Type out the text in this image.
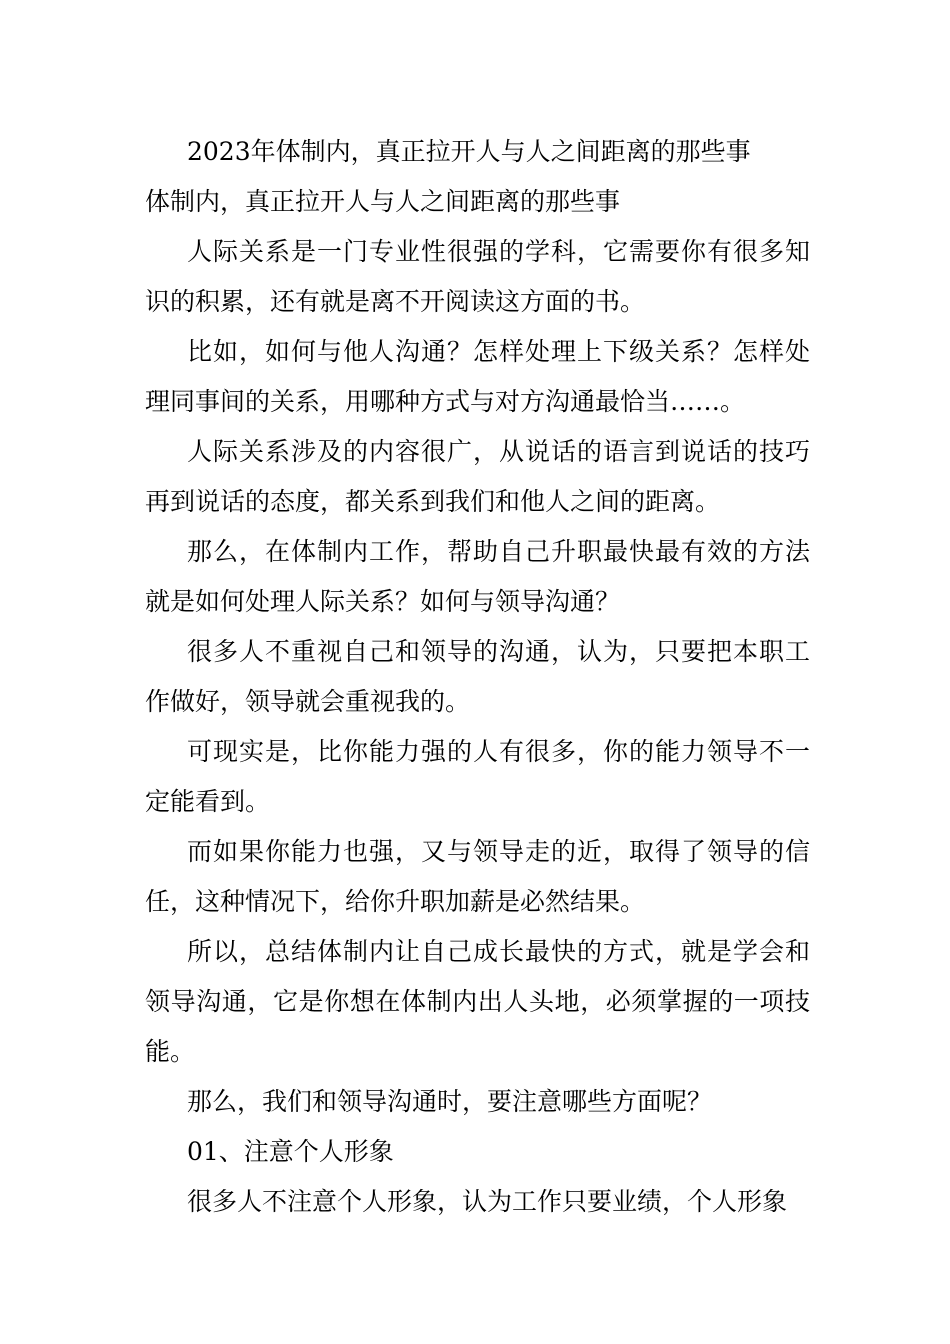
2023年体制内，真正拉开人与人之间距离的那些事

体制内，真正拉开人与人之间距离的那些事

人际关系是一门专业性很强的学科，它需要你有很多知识的积累，还有就是离不开阅读这方面的书。

比如，如何与他人沟通？怎样处理上下级关系？怎样处理同事间的关系，用哪种方式与对方沟通最恰当……。

人际关系涉及的内容很广，从说话的语言到说话的技巧再到说话的态度，都关系到我们和他人之间的距离。

那么，在体制内工作，帮助自己升职最快最有效的方法就是如何处理人际关系？如何与领导沟通？

很多人不重视自己和领导的沟通，认为，只要把本职工作做好，领导就会重视我的。

可现实是，比你能力强的人有很多，你的能力领导不一定能看到。

而如果你能力也强，又与领导走的近，取得了领导的信任，这种情况下，给你升职加薪是必然结果。

所以，总结体制内让自己成长最快的方式，就是学会和领导沟通，它是你想在体制内出人头地，必须掌握的一项技能。

那么，我们和领导沟通时，要注意哪些方面呢？

01、注意个人形象

很多人不注意个人形象，认为工作只要业绩，个人形象
